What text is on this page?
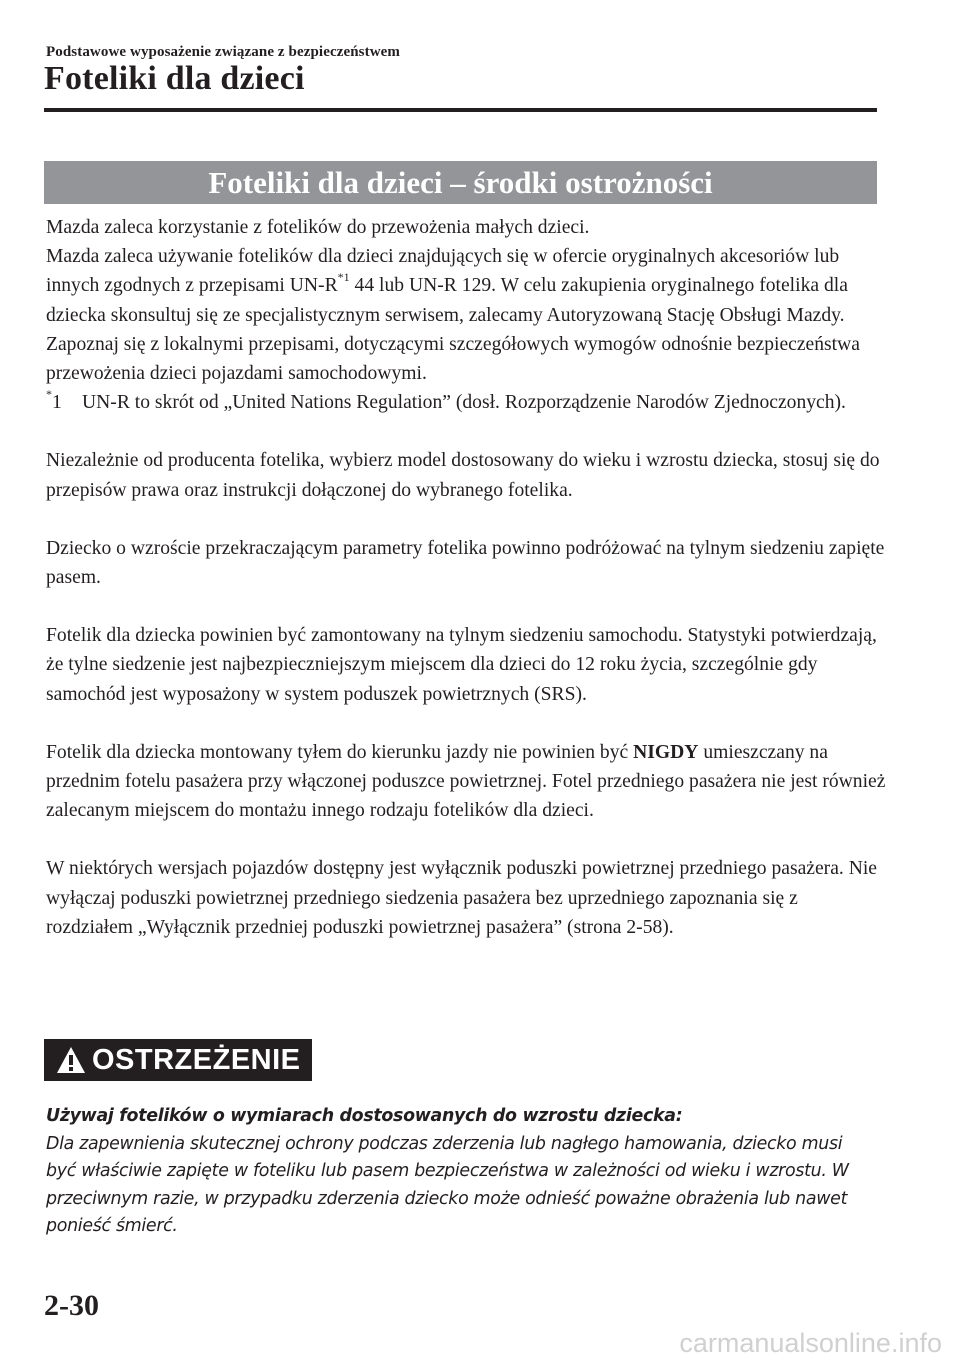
Podstawowe wyposażenie związane z bezpieczeństwem
Foteliki dla dzieci
Foteliki dla dzieci – środki ostrożności

Mazda zaleca korzystanie z fotelików do przewożenia małych dzieci.

Mazda zaleca używanie fotelików dla dzieci znajdujących się w ofercie oryginalnych akcesoriów lub innych zgodnych z przepisami $UN-R^{*1}$ 44 lub UN-R 129. W celu zakupienia oryginalnego fotelika dla dziecka skonsultuj się ze specjalistycznym serwisem, zalecamy Autoryzowaną Stację Obsługi Mazdy.

Zapoznaj się z lokalnymi przepisami, dotyczącymi szczegółowych wymogów odnośnie bezpieczeństwa przewożenia dzieci pojazdami samochodowymi.

*1	UN-R to skrót od „United Nations Regulation” (dosł. Rozporządzenie Narodów Zjednoczonych).

Niezależnie od producenta fotelika, wybierz model dostosowany do wieku i wzrostu dziecka, stosuj się do przepisów prawa oraz instrukcji dołączonej do wybranego fotelika.

Dziecko o wzroście przekraczającym parametry fotelika powinno podróżować na tylnym siedzeniu zapięte pasem.

Fotelik dla dziecka powinien być zamontowany na tylnym siedzeniu samochodu. Statystyki potwierdzają, że tylne siedzenie jest najbezpieczniejszym miejscem dla dzieci do 12 roku życia, szczególnie gdy samochód jest wyposażony w system poduszek powietrznych (SRS).

Fotelik dla dziecka montowany tyłem do kierunku jazdy nie powinien być NIGDY umieszczany na przednim fotelu pasażera przy włączonej poduszce powietrznej. Fotel przedniego pasażera nie jest również zalecanym miejscem do montażu innego rodzaju fotelików dla dzieci.

W niektórych wersjach pojazdów dostępny jest wyłącznik poduszki powietrznej przedniego pasażera. Nie wyłączaj poduszki powietrznej przedniego siedzenia pasażera bez uprzedniego zapoznania się z rozdziałem „Wyłącznik przedniej poduszki powietrznej pasażera” (strona 2-58).

OSTRZEŻENIE

Używaj fotelików o wymiarach dostosowanych do wzrostu dziecka:

Dla zapewnienia skutecznej ochrony podczas zderzenia lub nagłego hamowania, dziecko musi być właściwie zapięte w foteliku lub pasem bezpieczeństwa w zależności od wieku i wzrostu. W przeciwnym razie, w przypadku zderzenia dziecko może odnieść poważne obrażenia lub nawet ponieść śmierć.

2-30
carmanualsonline.info
